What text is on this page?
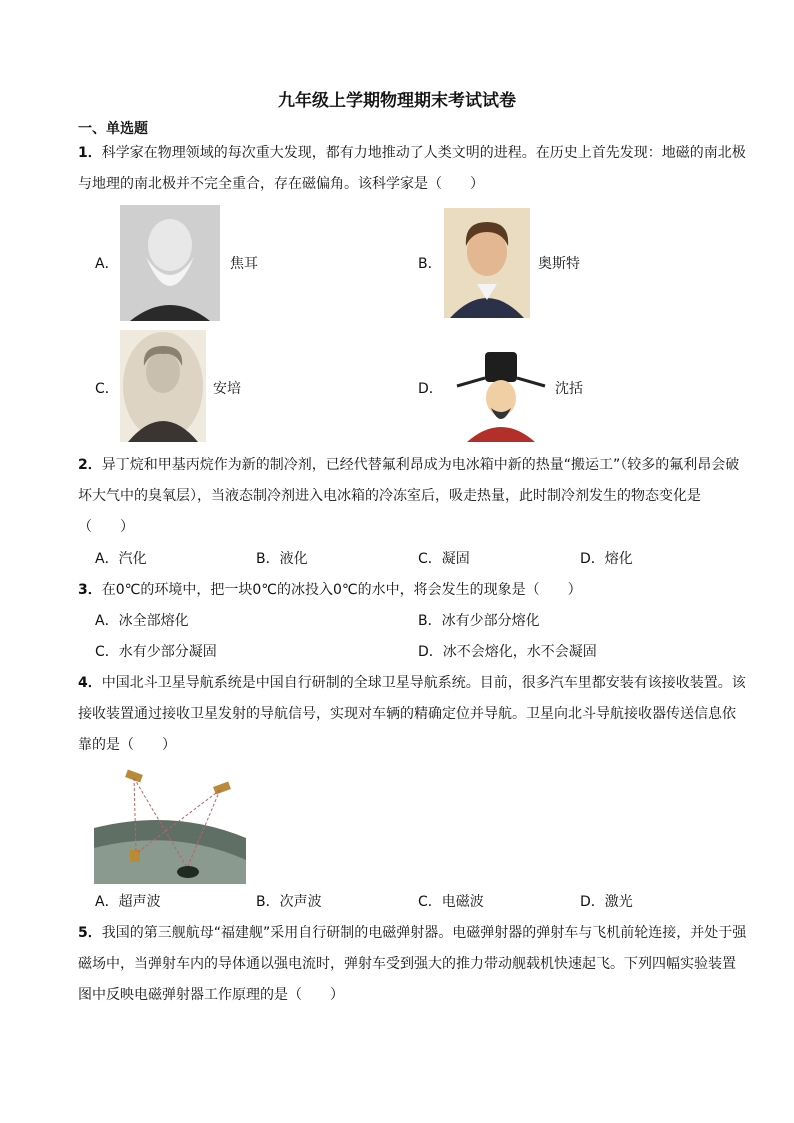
九年级上学期物理期末考试试卷
一、单选题
1．科学家在物理领域的每次重大发现，都有力地推动了人类文明的进程。在历史上首先发现：地磁的南北极与地理的南北极并不完全重合，存在磁偏角。该科学家是（　　）
A．	焦耳	B．	奥斯特
C．	安培	D．	沈括
2．异丁烷和甲基丙烷作为新的制冷剂，已经代替氟利昂成为电冰箱中新的热量“搬运工”（较多的氟利昂会破坏大气中的臭氧层），当液态制冷剂进入电冰箱的冷冻室后，吸走热量，此时制冷剂发生的物态变化是（　　）
A．汽化	B．液化	C．凝固	D．熔化
3．在0℃的环境中，把一块0℃的冰投入0℃的水中，将会发生的现象是（　　）
A．冰全部熔化	B．冰有少部分熔化
C．水有少部分凝固	D．冰不会熔化，水不会凝固
4．中国北斗卫星导航系统是中国自行研制的全球卫星导航系统。目前，很多汽车里都安装有该接收装置。该接收装置通过接收卫星发射的导航信号，实现对车辆的精确定位并导航。卫星向北斗导航接收器传送信息依靠的是（　　）
A．超声波	B．次声波	C．电磁波	D．激光
5．我国的第三舰航母“福建舰”采用自行研制的电磁弹射器。电磁弹射器的弹射车与飞机前轮连接，并处于强磁场中，当弹射车内的导体通以强电流时，弹射车受到强大的推力带动舰载机快速起飞。下列四幅实验装置图中反映电磁弹射器工作原理的是（　　）
